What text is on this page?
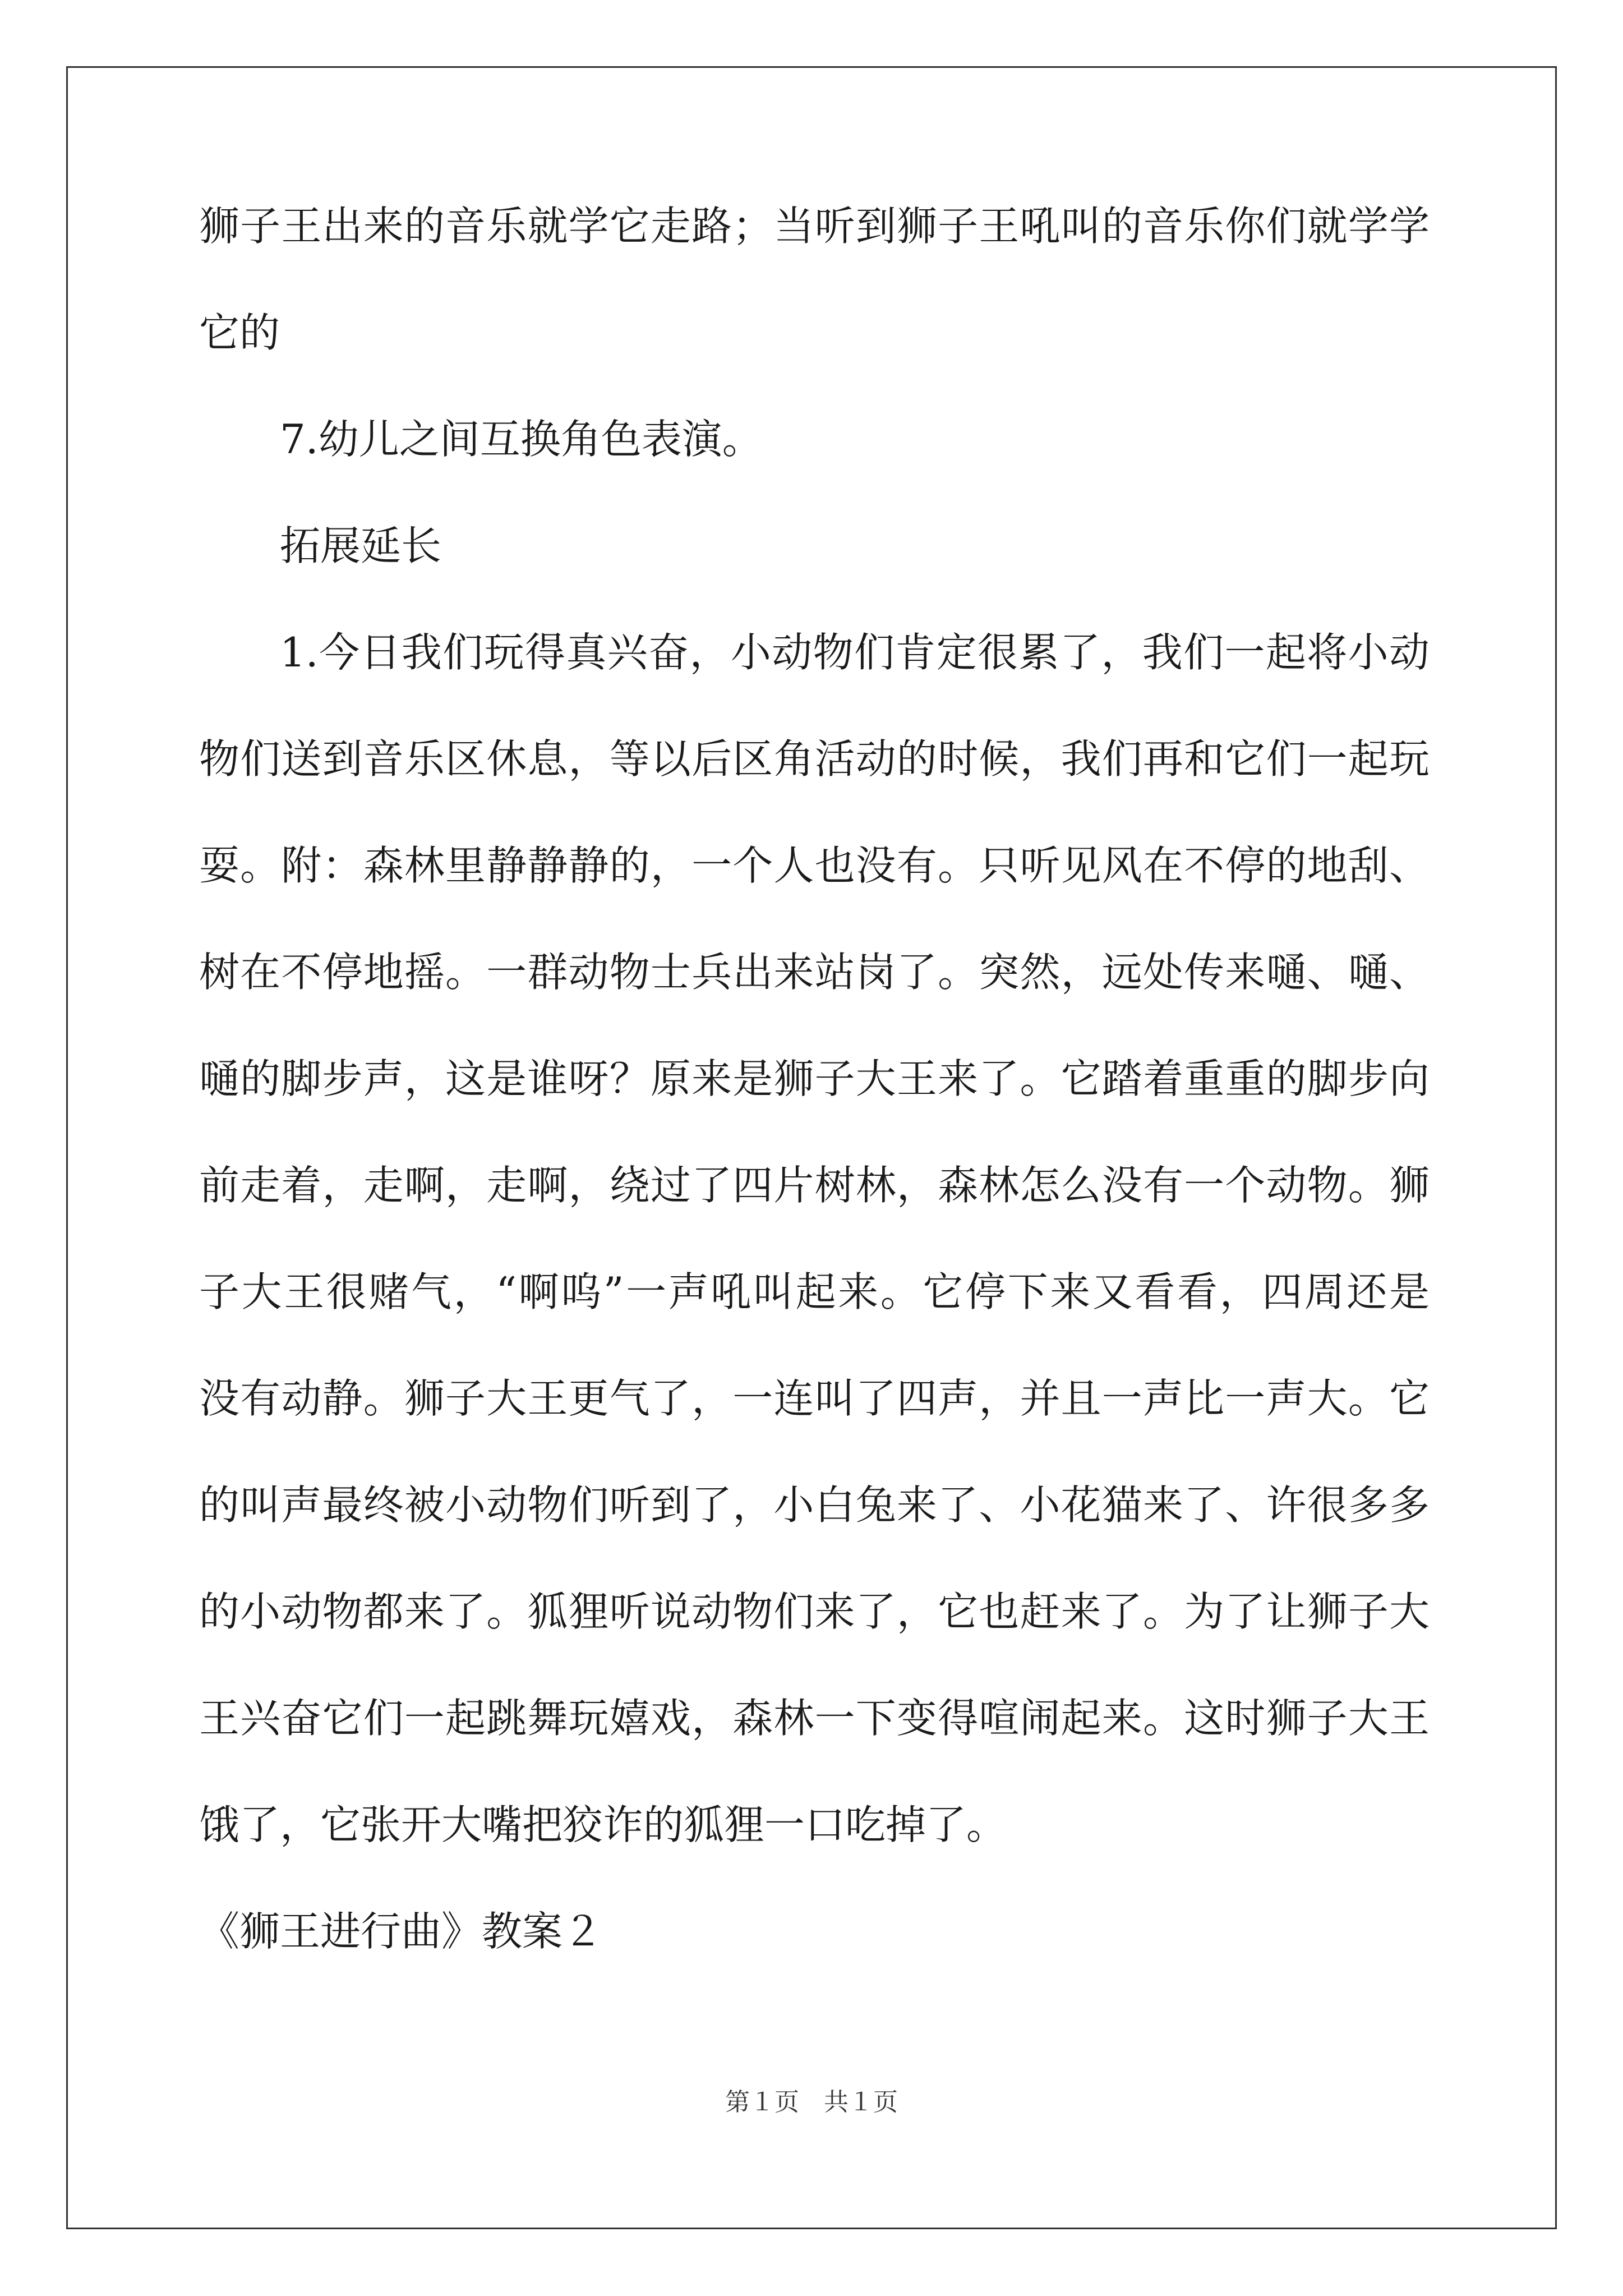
狮子王出来的音乐就学它走路；当听到狮子王吼叫的音乐你们就学学
它的
7.幼儿之间互换角色表演。
拓展延长
1.今日我们玩得真兴奋，小动物们肯定很累了，我们一起将小动
物们送到音乐区休息，等以后区角活动的时候，我们再和它们一起玩
耍。附：森林里静静静的，一个人也没有。只听见风在不停的地刮、
树在不停地摇。一群动物士兵出来站岗了。突然，远处传来嗵、嗵、
嗵的脚步声，这是谁呀？原来是狮子大王来了。它踏着重重的脚步向
前走着，走啊，走啊，绕过了四片树林，森林怎么没有一个动物。狮
子大王很赌气，“啊呜”一声吼叫起来。它停下来又看看，四周还是
没有动静。狮子大王更气了，一连叫了四声，并且一声比一声大。它
的叫声最终被小动物们听到了，小白兔来了、小花猫来了、许很多多
的小动物都来了。狐狸听说动物们来了，它也赶来了。为了让狮子大
王兴奋它们一起跳舞玩嬉戏，森林一下变得喧闹起来。这时狮子大王
饿了，它张开大嘴把狡诈的狐狸一口吃掉了。
《狮王进行曲》教案２
第１页　共１页
